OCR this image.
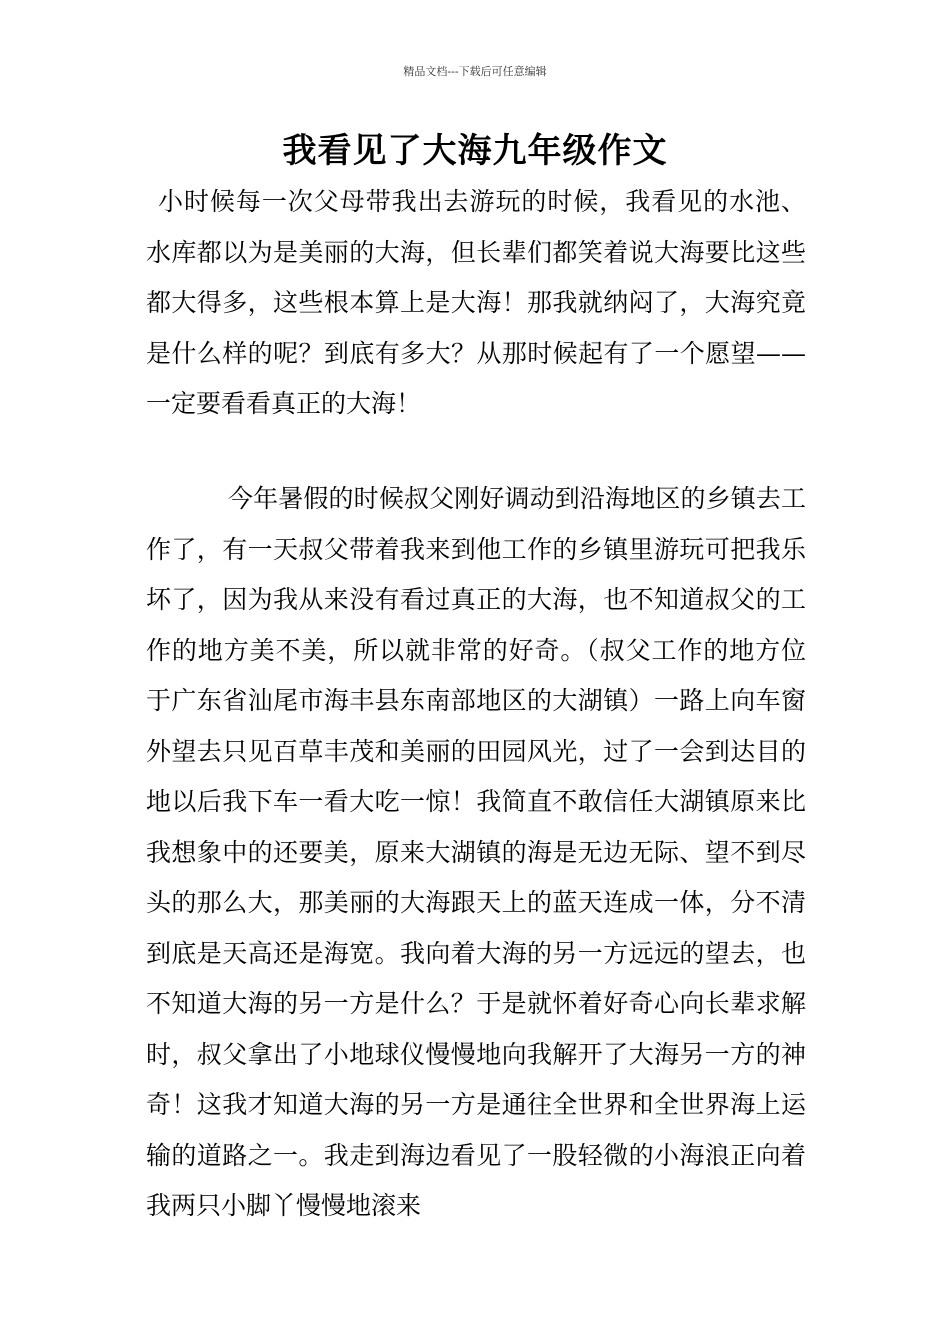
精品文档---下载后可任意编辑
我看见了大海九年级作文
小时候每一次父母带我出去游玩的时候，我看见的水池、水库都以为是美丽的大海，但长辈们都笑着说大海要比这些都大得多，这些根本算上是大海！那我就纳闷了，大海究竟是什么样的呢？到底有多大？从那时候起有了一个愿望——一定要看看真正的大海！
今年暑假的时候叔父刚好调动到沿海地区的乡镇去工作了，有一天叔父带着我来到他工作的乡镇里游玩可把我乐坏了，因为我从来没有看过真正的大海，也不知道叔父的工作的地方美不美，所以就非常的好奇。（叔父工作的地方位于广东省汕尾市海丰县东南部地区的大湖镇）一路上向车窗外望去只见百草丰茂和美丽的田园风光，过了一会到达目的地以后我下车一看大吃一惊！我简直不敢信任大湖镇原来比我想象中的还要美，原来大湖镇的海是无边无际、望不到尽头的那么大，那美丽的大海跟天上的蓝天连成一体，分不清到底是天高还是海宽。我向着大海的另一方远远的望去，也不知道大海的另一方是什么？于是就怀着好奇心向长辈求解时，叔父拿出了小地球仪慢慢地向我解开了大海另一方的神奇！这我才知道大海的另一方是通往全世界和全世界海上运输的道路之一。我走到海边看见了一股轻微的小海浪正向着我两只小脚丫慢慢地滚来
